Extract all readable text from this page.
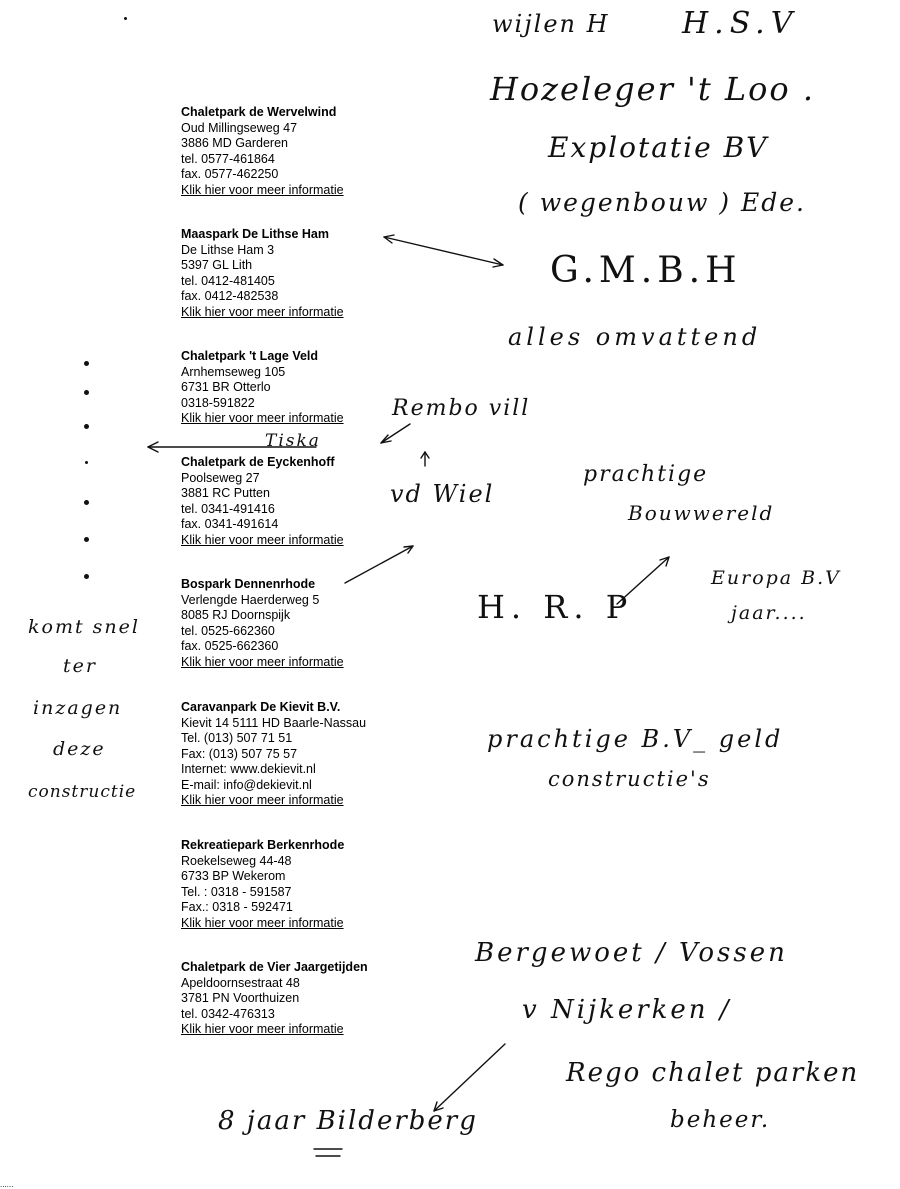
Chaletpark de Wervelwind
Oud Millingseweg 47
3886 MD Garderen
tel. 0577-461864
fax. 0577-462250
Klik hier voor meer informatie
Maaspark De Lithse Ham
De Lithse Ham 3
5397 GL Lith
tel. 0412-481405
fax. 0412-482538
Klik hier voor meer informatie
Chaletpark 't Lage Veld
Arnhemseweg 105
6731 BR Otterlo
0318-591822
Klik hier voor meer informatie
Chaletpark de Eyckenhoff
Poolseweg 27
3881 RC Putten
tel. 0341-491416
fax. 0341-491614
Klik hier voor meer informatie
Bospark Dennenrhode
Verlengde Haerderweg 5
8085 RJ Doornspijk
tel. 0525-662360
fax. 0525-662360
Klik hier voor meer informatie
Caravanpark De Kievit B.V.
Kievit 14 5111 HD Baarle-Nassau
Tel. (013) 507 71 51
Fax: (013) 507 75 57
Internet: www.dekievit.nl
E-mail: info@dekievit.nl
Klik hier voor meer informatie
Rekreatiepark Berkenrhode
Roekelseweg 44-48
6733 BP Wekerom
Tel. : 0318 - 591587
Fax.: 0318 - 592471
Klik hier voor meer informatie
Chaletpark de Vier Jaargetijden
Apeldoornsestraat 48
3781 PN Voorthuizen
tel. 0342-476313
Klik hier voor meer informatie
wijlen H H.S.V
Hozeleger 't Loo .
Explotatie BV
( wegenbouw ) Ede.
G.M.B.H
alles omvattend
Rembo vill
Tiska
vd Wiel
prachtige
Bouwwereld
Europa B.V
jaar....
H. R. P
komt snel
ter
inzagen
deze
constructie
prachtige B.V_ geld
constructie's
Bergewoet / Vossen
v Nijkerken /
Rego chalet parken
beheer.
8 jaar Bilderberg
......
